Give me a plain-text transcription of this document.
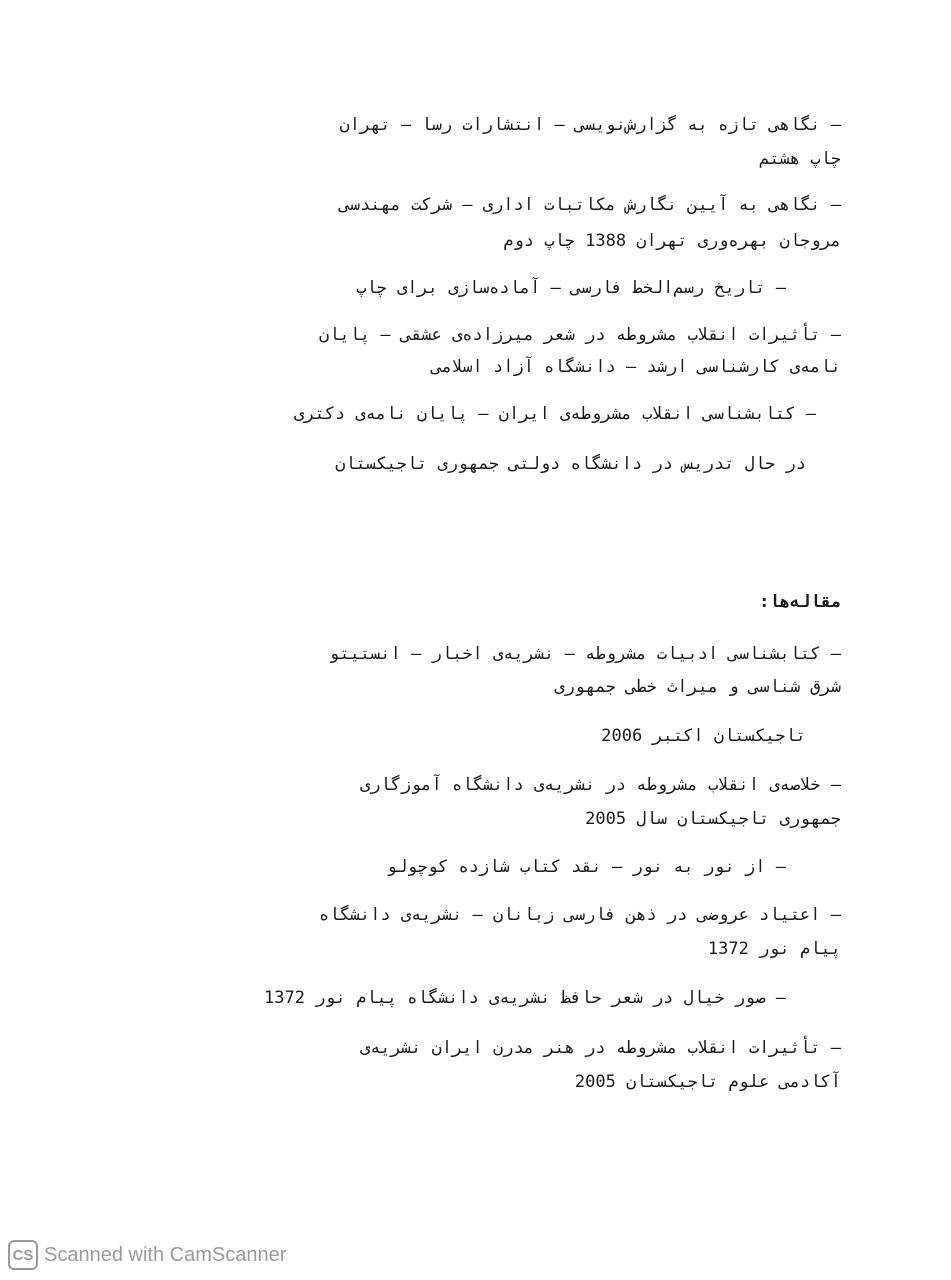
– نگاهی تازه به گزارش‌نویسی – انتشارات رسا – تهران
چاپ هشتم
– نگاهی به آیین نگارش مکاتبات اداری – شرکت مهندسی
مروجان بهره‌وری تهران 1388 چاپ دوم
– تاریخ رسم‌الخط فارسی – آماده‌سازی برای چاپ
– تأثیرات انقلاب مشروطه در شعر میرزاده‌ی عشقی – پایان
نامه‌ی کارشناسی ارشد – دانشگاه آزاد اسلامی
– کتابشناسی انقلاب مشروطه‌ی ایران – پایان نامه‌ی دکتری
در حال تدریس در دانشگاه دولتی جمهوری تاجیکستان
مقاله‌ها:
– کتابشناسی ادبیات مشروطه – نشریه‌ی اخبار – انستیتو
شرق شناسی و میراث خطی جمهوری
تاجیکستان اکتبر 2006
– خلاصه‌ی انقلاب مشروطه در نشریه‌ی دانشگاه آموزگاری
جمهوری تاجیکستان سال 2005
– از نور به نور – نقد کتاب شازده کوچولو
– اعتیاد عروضی در ذهن فارسی زبانان – نشریه‌ی دانشگاه
پیام نور 1372
– صور خیال در شعر حافظ نشریه‌ی دانشگاه پیام نور 1372
– تأثیرات انقلاب مشروطه در هنر مدرن ایران نشریه‌ی
آکادمی علوم تاجیکستان 2005
CS Scanned with CamScanner
